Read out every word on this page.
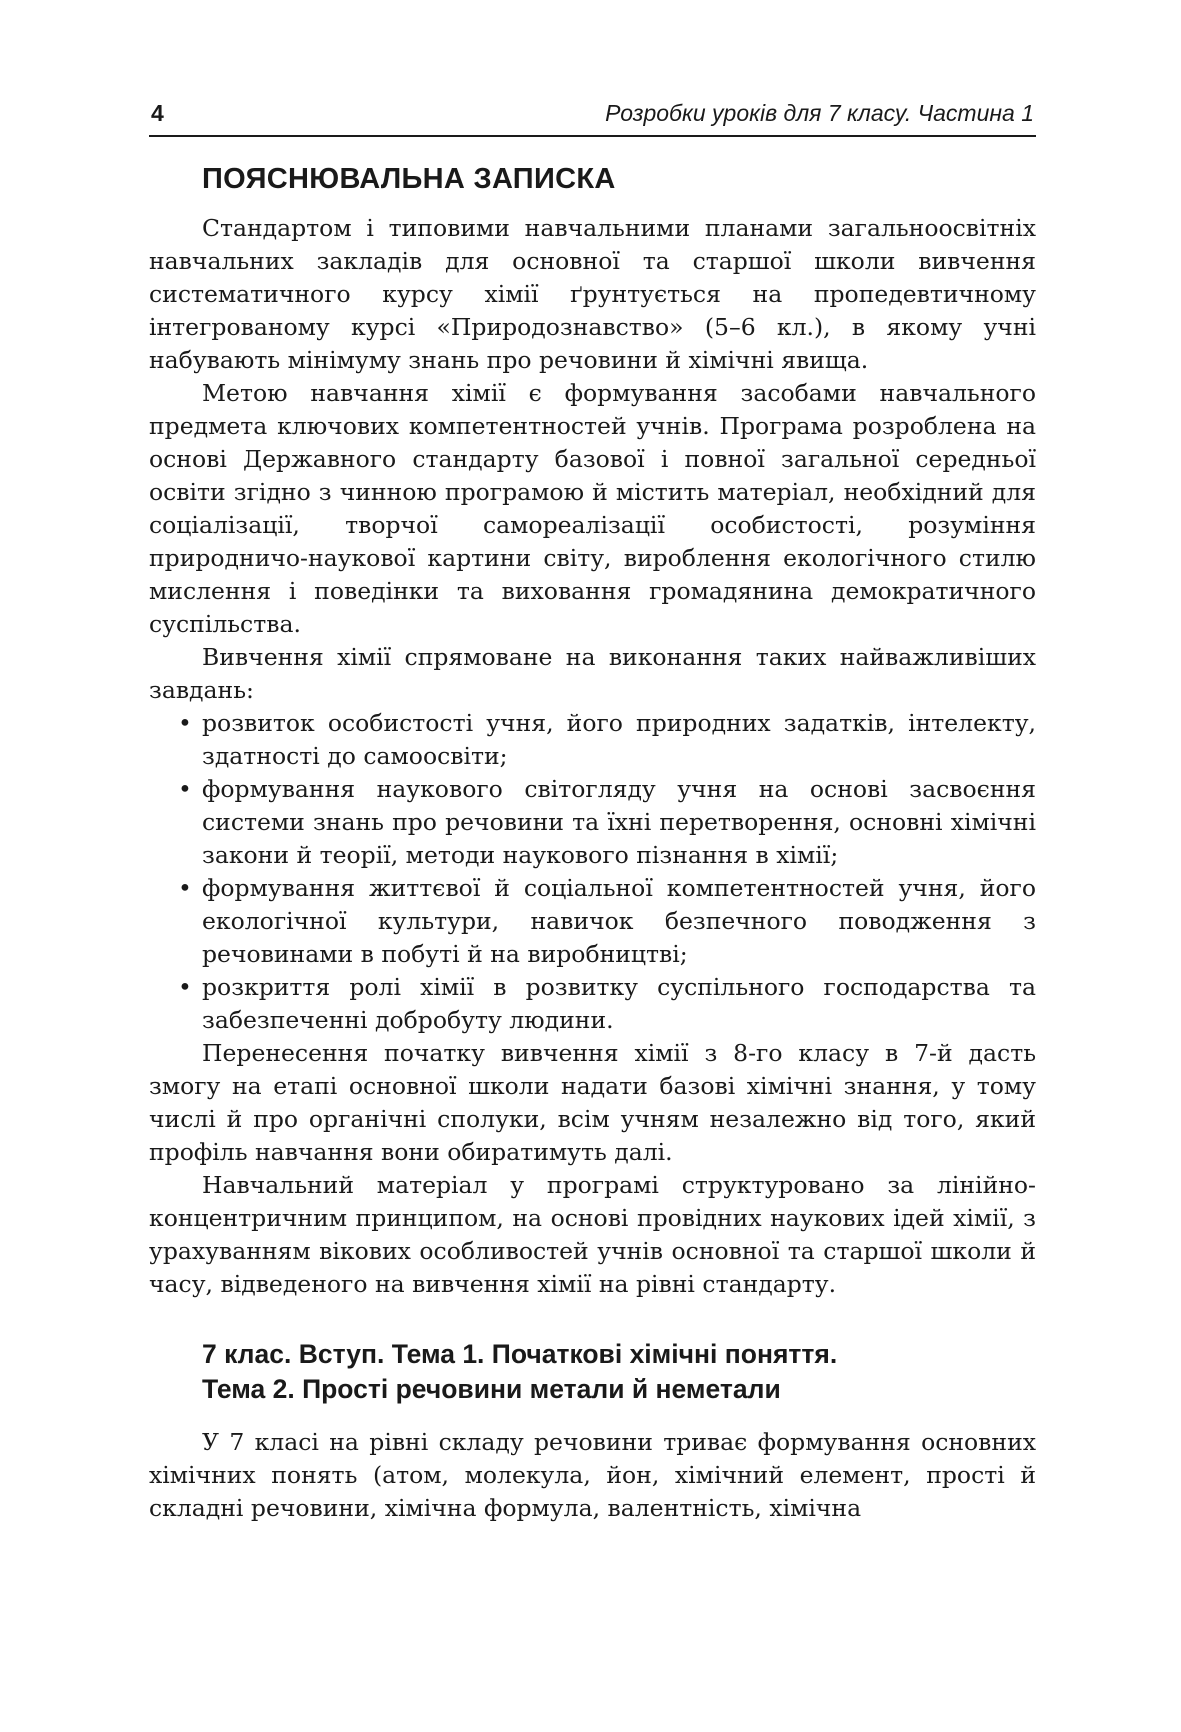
4	Розробки уроків для 7 класу. Частина 1
ПОЯСНЮВАЛЬНА ЗАПИСКА

Стандартом і типовими навчальними планами загальноосвітніх навчальних закладів для основної та старшої школи вивчення систематичного курсу хімії ґрунтується на пропедевтичному інтегрованому курсі «Природознавство» (5–6 кл.), в якому учні набувають мінімуму знань про речовини й хімічні явища.

Метою навчання хімії є формування засобами навчального предмета ключових компетентностей учнів. Програма розроблена на основі Державного стандарту базової і повної загальної середньої освіти згідно з чинною програмою й містить матеріал, необхідний для соціалізації, творчої самореалізації особистості, розуміння природничо-наукової картини світу, вироблення екологічного стилю мислення і поведінки та виховання громадянина демократичного суспільства.

Вивчення хімії спрямоване на виконання таких найважливіших завдань:

• розвиток особистості учня, його природних задатків, інтелекту, здатності до самоосвіти;
• формування наукового світогляду учня на основі засвоєння системи знань про речовини та їхні перетворення, основні хімічні закони й теорії, методи наукового пізнання в хімії;
• формування життєвої й соціальної компетентностей учня, його екологічної культури, навичок безпечного поводження з речовинами в побуті й на виробництві;
• розкриття ролі хімії в розвитку суспільного господарства та забезпеченні добробуту людини.

Перенесення початку вивчення хімії з 8-го класу в 7-й дасть змогу на етапі основної школи надати базові хімічні знання, у тому числі й про органічні сполуки, всім учням незалежно від того, який профіль навчання вони обиратимуть далі.

Навчальний матеріал у програмі структуровано за лінійно-концентричним принципом, на основі провідних наукових ідей хімії, з урахуванням вікових особливостей учнів основної та старшої школи й часу, відведеного на вивчення хімії на рівні стандарту.

7 клас. Вступ. Тема 1. Початкові хімічні поняття.
Тема 2. Прості речовини метали й неметали

У 7 класі на рівні складу речовини триває формування основних хімічних понять (атом, молекула, йон, хімічний елемент, прості й складні речовини, хімічна формула, валентність, хімічна
